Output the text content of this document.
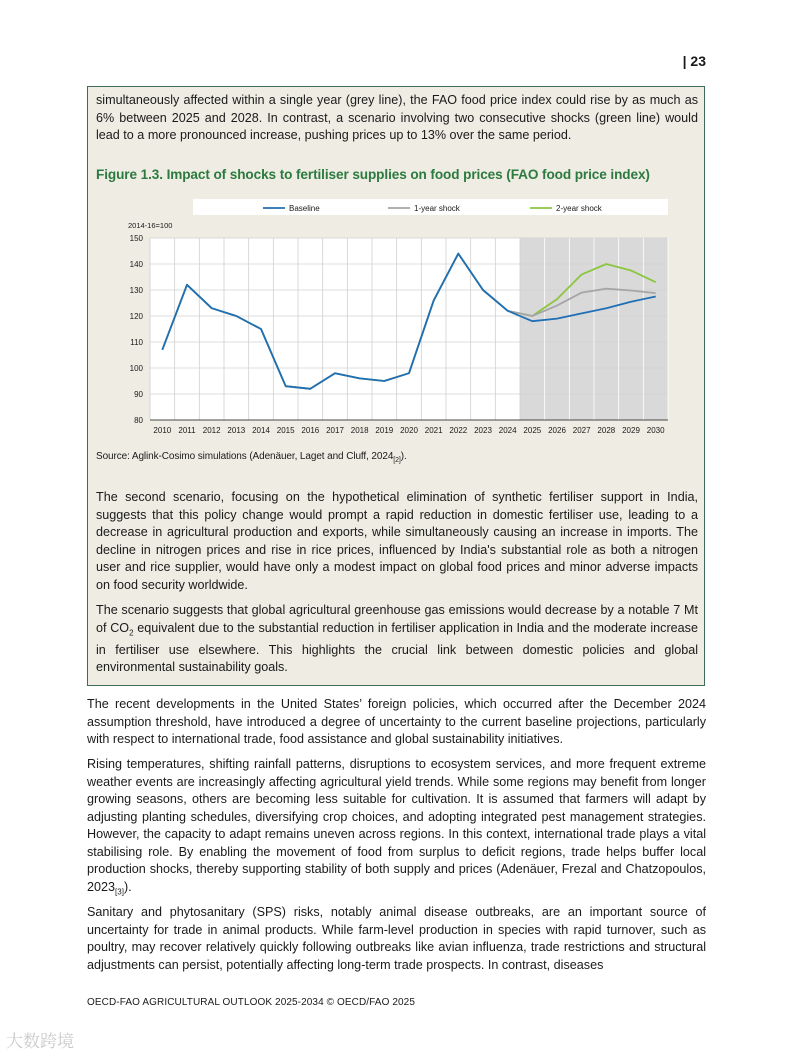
| 23

simultaneously affected within a single year (grey line), the FAO food price index could rise by as much as 6% between 2025 and 2028. In contrast, a scenario involving two consecutive shocks (green line) would lead to a more pronounced increase, pushing prices up to 13% over the same period.

Figure 1.3. Impact of shocks to fertiliser supplies on food prices (FAO food price index)
150
140
130
120
110
100
90
80
2010 2011 2012 2013 2014 2015 2016 2017 2018 2019 2020 2021 2022 2023 2024 2025 2026 2027 2028 2029 2030
2014-16=100
Baseline	1-year shock	2-year shock
Source: Aglink-Cosimo simulations (Adenäuer, Laget and Cluff, $2024_{[2]}$).

The second scenario, focusing on the hypothetical elimination of synthetic fertiliser support in India, suggests that this policy change would prompt a rapid reduction in domestic fertiliser use, leading to a decrease in agricultural production and exports, while simultaneously causing an increase in imports. The decline in nitrogen prices and rise in rice prices, influenced by India's substantial role as both a nitrogen user and rice supplier, would have only a modest impact on global food prices and minor adverse impacts on food security worldwide.

The scenario suggests that global agricultural greenhouse gas emissions would decrease by a notable 7 Mt of $CO_2$ equivalent due to the substantial reduction in fertiliser application in India and the moderate increase in fertiliser use elsewhere. This highlights the crucial link between domestic policies and global environmental sustainability goals.

The recent developments in the United States’ foreign policies, which occurred after the December 2024 assumption threshold, have introduced a degree of uncertainty to the current baseline projections, particularly with respect to international trade, food assistance and global sustainability initiatives.

Rising temperatures, shifting rainfall patterns, disruptions to ecosystem services, and more frequent extreme weather events are increasingly affecting agricultural yield trends. While some regions may benefit from longer growing seasons, others are becoming less suitable for cultivation. It is assumed that farmers will adapt by adjusting planting schedules, diversifying crop choices, and adopting integrated pest management strategies. However, the capacity to adapt remains uneven across regions. In this context, international trade plays a vital stabilising role. By enabling the movement of food from surplus to deficit regions, trade helps buffer local production shocks, thereby supporting stability of both supply and prices (Adenäuer, Frezal and Chatzopoulos, $2023_{[3]}$).

Sanitary and phytosanitary (SPS) risks, notably animal disease outbreaks, are an important source of uncertainty for trade in animal products. While farm-level production in species with rapid turnover, such as poultry, may recover relatively quickly following outbreaks like avian influenza, trade restrictions and structural adjustments can persist, potentially affecting long-term trade prospects. In contrast, diseases

OECD-FAO AGRICULTURAL OUTLOOK 2025-2034 © OECD/FAO 2025
大数跨境
